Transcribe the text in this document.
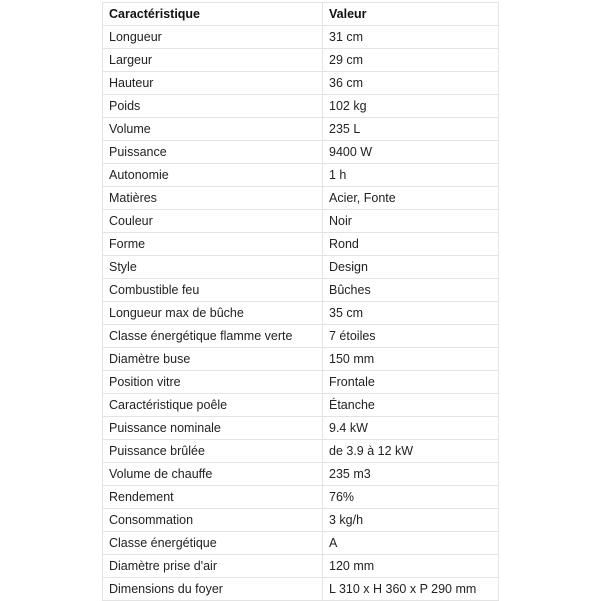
Caractéristique	Valeur
Longueur	31 cm
Largeur	29 cm
Hauteur	36 cm
Poids	102 kg
Volume	235 L
Puissance	9400 W
Autonomie	1 h
Matières	Acier, Fonte
Couleur	Noir
Forme	Rond
Style	Design
Combustible feu	Bûches
Longueur max de bûche	35 cm
Classe énergétique flamme verte	7 étoiles
Diamètre buse	150 mm
Position vitre	Frontale
Caractéristique poêle	Étanche
Puissance nominale	9.4 kW
Puissance brûlée	de 3.9 à 12 kW
Volume de chauffe	235 m3
Rendement	76%
Consommation	3 kg/h
Classe énergétique	A
Diamètre prise d'air	120 mm
Dimensions du foyer	L 310 x H 360 x P 290 mm
